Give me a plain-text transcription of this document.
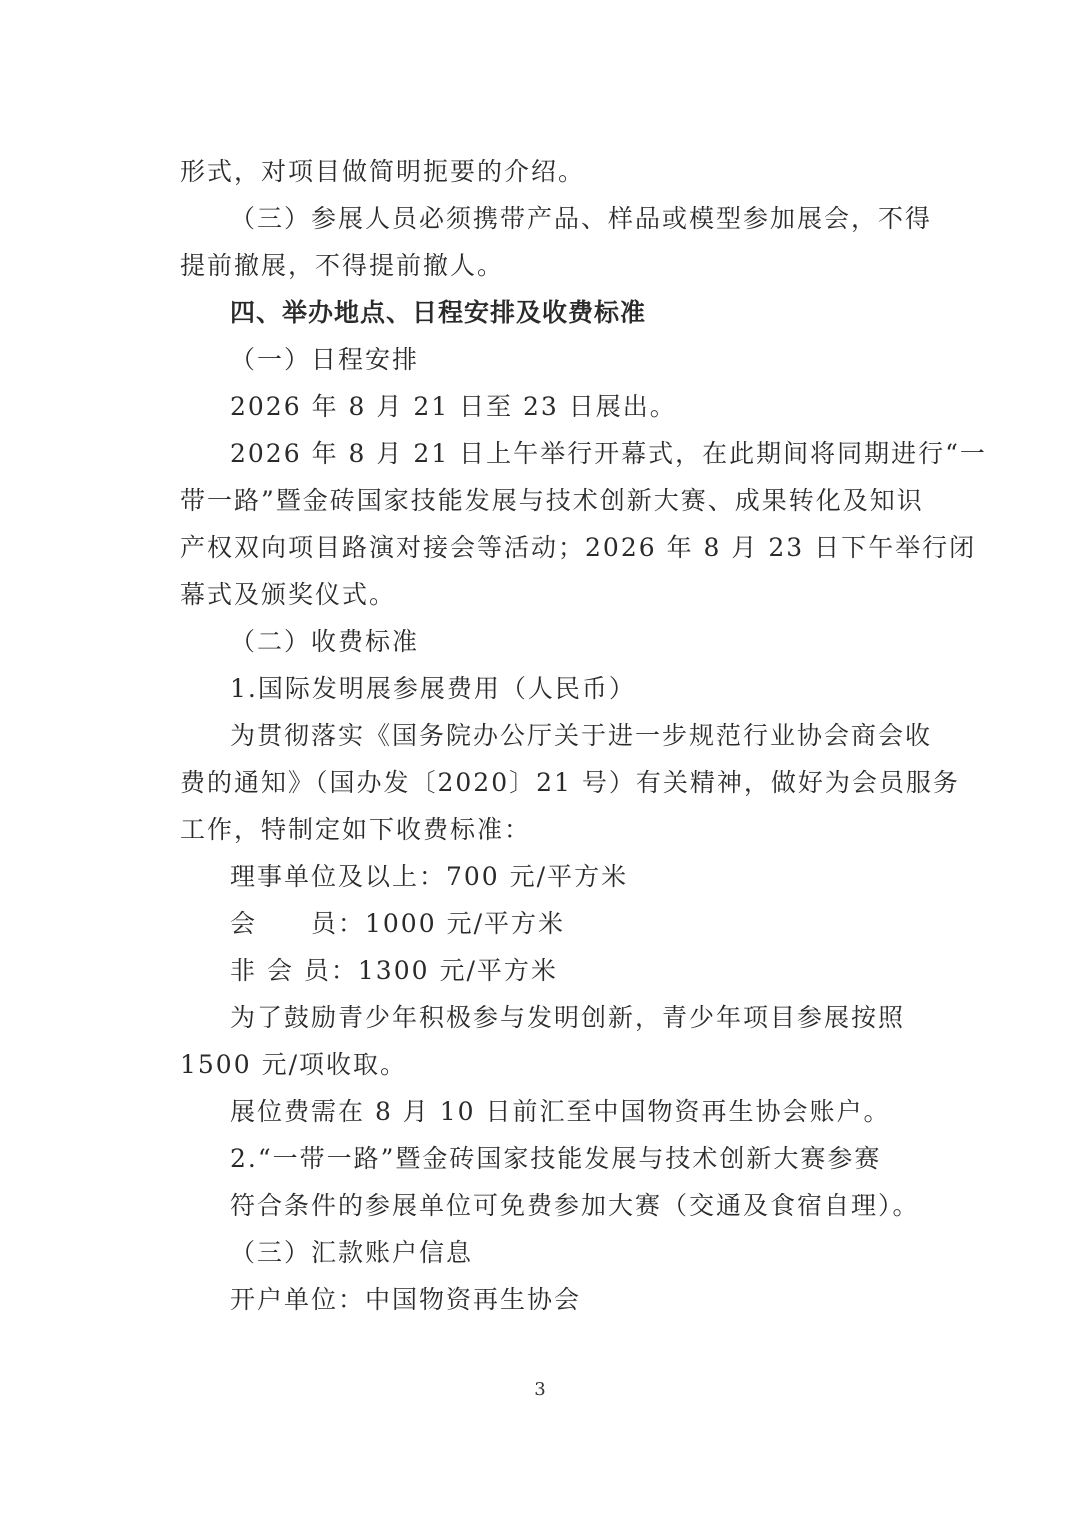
形式，对项目做简明扼要的介绍。
（三）参展人员必须携带产品、样品或模型参加展会，不得
提前撤展，不得提前撤人。
四、举办地点、日程安排及收费标准
（一）日程安排
2026 年 8 月 21 日至 23 日展出。
2026 年 8 月 21 日上午举行开幕式，在此期间将同期进行“一
带一路”暨金砖国家技能发展与技术创新大赛、成果转化及知识
产权双向项目路演对接会等活动；2026 年 8 月 23 日下午举行闭
幕式及颁奖仪式。
（二）收费标准
1.国际发明展参展费用（人民币）
为贯彻落实《国务院办公厅关于进一步规范行业协会商会收
费的通知》（国办发〔2020〕21 号）有关精神，做好为会员服务
工作，特制定如下收费标准：
理事单位及以上：700 元/平方米
会　　员：1000 元/平方米
非 会 员：1300 元/平方米
为了鼓励青少年积极参与发明创新，青少年项目参展按照
1500 元/项收取。
展位费需在 8 月 10 日前汇至中国物资再生协会账户。
2.“一带一路”暨金砖国家技能发展与技术创新大赛参赛
符合条件的参展单位可免费参加大赛（交通及食宿自理）。
（三）汇款账户信息
开户单位：中国物资再生协会
3
